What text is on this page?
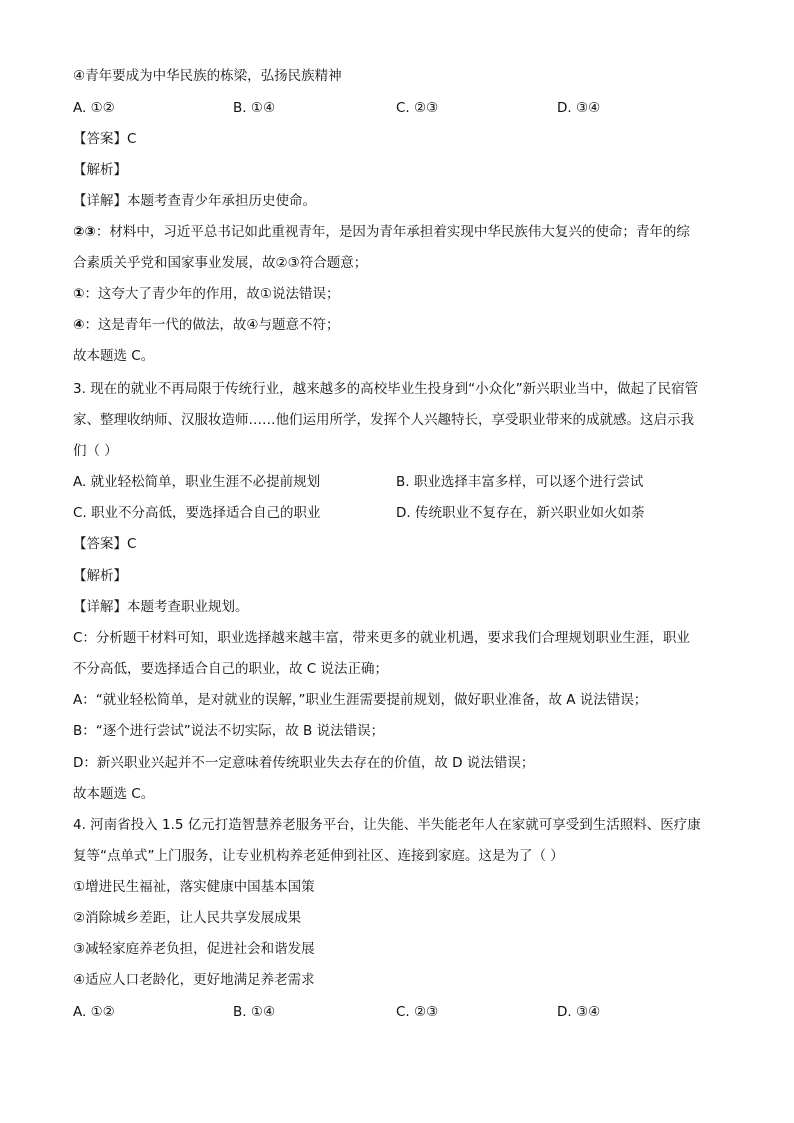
④青年要成为中华民族的栋梁，弘扬民族精神
A. ①②	B. ①④	C. ②③	D. ③④
【答案】C
【解析】
【详解】本题考查青少年承担历史使命。
②③：材料中，习近平总书记如此重视青年，是因为青年承担着实现中华民族伟大复兴的使命；青年的综
合素质关乎党和国家事业发展，故②③符合题意；
①：这夸大了青少年的作用，故①说法错误；
④：这是青年一代的做法，故④与题意不符；
故本题选 C。
3. 现在的就业不再局限于传统行业，越来越多的高校毕业生投身到“小众化”新兴职业当中，做起了民宿管
家、整理收纳师、汉服妆造师……他们运用所学，发挥个人兴趣特长，享受职业带来的成就感。这启示我
们（ ）
A. 就业轻松简单，职业生涯不必提前规划	B. 职业选择丰富多样，可以逐个进行尝试
C. 职业不分高低，要选择适合自己的职业	D. 传统职业不复存在，新兴职业如火如荼
【答案】C
【解析】
【详解】本题考查职业规划。
C：分析题干材料可知，职业选择越来越丰富，带来更多的就业机遇，要求我们合理规划职业生涯，职业
不分高低，要选择适合自己的职业，故 C 说法正确；
A：“就业轻松简单，是对就业的误解，”职业生涯需要提前规划，做好职业准备，故 A 说法错误；
B：“逐个进行尝试”说法不切实际，故 B 说法错误；
D：新兴职业兴起并不一定意味着传统职业失去存在的价值，故 D 说法错误；
故本题选 C。
4. 河南省投入 1.5 亿元打造智慧养老服务平台，让失能、半失能老年人在家就可享受到生活照料、医疗康
复等“点单式”上门服务，让专业机构养老延伸到社区、连接到家庭。这是为了（ ）
①增进民生福祉，落实健康中国基本国策
②消除城乡差距，让人民共享发展成果
③减轻家庭养老负担，促进社会和谐发展
④适应人口老龄化，更好地满足养老需求
A. ①②	B. ①④	C. ②③	D. ③④
